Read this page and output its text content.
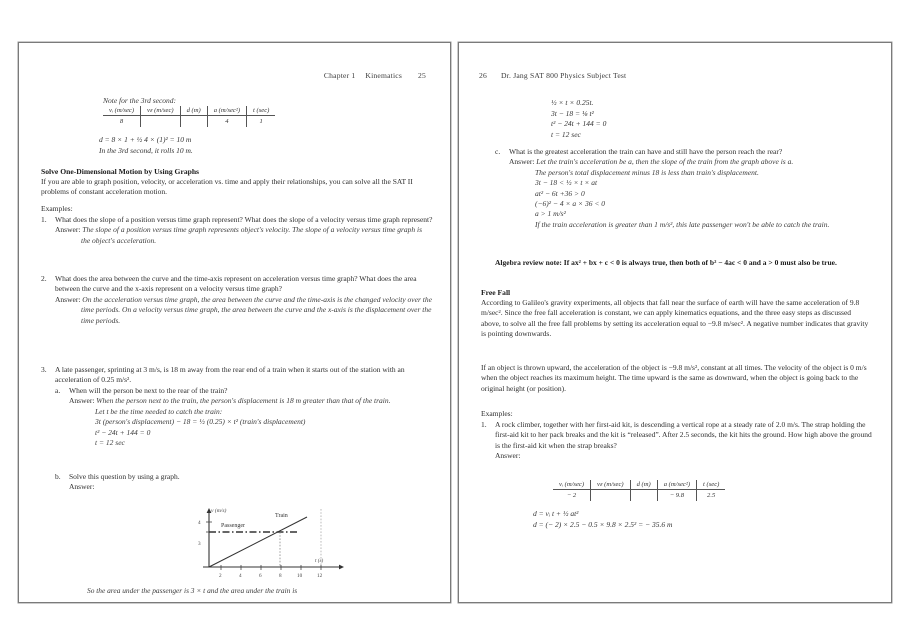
Chapter 1 Kinematics 25
Note for the 3rd second:
vᵢ (m/sec)	vғ (m/sec)	d (m)	a (m/sec²)	t (sec)
8			4	1
d = 8 × 1 + ½ 4 × (1)² = 10 m
In the 3rd second, it rolls 10 m.
Solve One-Dimensional Motion by Using Graphs
If you are able to graph position, velocity, or acceleration vs. time and apply their relationships, you can solve all the SAT II problems of constant acceleration motion.
Examples:
1. What does the slope of a position versus time graph represent? What does the slope of a velocity versus time graph represent?
Answer: The slope of a position versus time graph represents object's velocity. The slope of a velocity versus time graph is the object's acceleration.
2. What does the area between the curve and the time-axis represent on acceleration versus time graph? What does the area between the curve and the x-axis represent on a velocity versus time graph?
Answer: On the acceleration versus time graph, the area between the curve and the time-axis is the changed velocity over the time periods. On a velocity versus time graph, the area between the curve and the x-axis is the displacement over the time periods.
3. A late passenger, sprinting at 3 m/s, is 18 m away from the rear end of a train when it starts out of the station with an acceleration of 0.25 m/s².
a. When will the person be next to the rear of the train?
Answer: When the person next to the train, the person's displacement is 18 m greater than that of the train.
Let t be the time needed to catch the train:
3t (person's displacement) − 18 = ½ (0.25) × t² (train's displacement)
t² − 24t + 144 = 0
t = 12 sec
b. Solve this question by using a graph.
Answer:
v (m/s)
4
3
2	4	6	8	10	12
t (s)
Passenger
Train
So the area under the passenger is 3 × t and the area under the train is
26 Dr. Jang SAT 800 Physics Subject Test
½ × t × 0.25t.
3t − 18 = ⅛ t²
t² − 24t + 144 = 0
t = 12 sec
c. What is the greatest acceleration the train can have and still have the person reach the rear?
Answer: Let the train's acceleration be a, then the slope of the train from the graph above is a.
The person's total displacement minus 18 is less than train's displacement.
3t − 18 < ½ × t × at
at² − 6t +36 > 0
(−6)² − 4 × a × 36 < 0
a > 1 m/s²
If the train acceleration is greater than 1 m/s², this late passenger won't be able to catch the train.
Algebra review note: If ax² + bx + c < 0 is always true, then both of b² − 4ac < 0 and a > 0 must also be true.
Free Fall
According to Galileo's gravity experiments, all objects that fall near the surface of earth will have the same acceleration of 9.8 m/sec². Since the free fall acceleration is constant, we can apply kinematics equations, and the three easy steps as discussed above, to solve all the free fall problems by setting its acceleration equal to −9.8 m/sec². A negative number indicates that gravity is pointing downwards.
If an object is thrown upward, the acceleration of the object is −9.8 m/s², constant at all times. The velocity of the object is 0 m/s when the object reaches its maximum height. The time upward is the same as downward, when the object is going back to the original height (or position).
Examples:
1. A rock climber, together with her first-aid kit, is descending a vertical rope at a steady rate of 2.0 m/s. The strap holding the first-aid kit to her pack breaks and the kit is “released”. After 2.5 seconds, the kit hits the ground. How high above the ground is the first-aid kit when the strap breaks?
Answer:
vᵢ (m/sec)	vғ (m/sec)	d (m)	a (m/sec²)	t (sec)
− 2			− 9.8	2.5
d = vᵢ t + ½ at²
d = (− 2) × 2.5 − 0.5 × 9.8 × 2.5² = − 35.6 m
